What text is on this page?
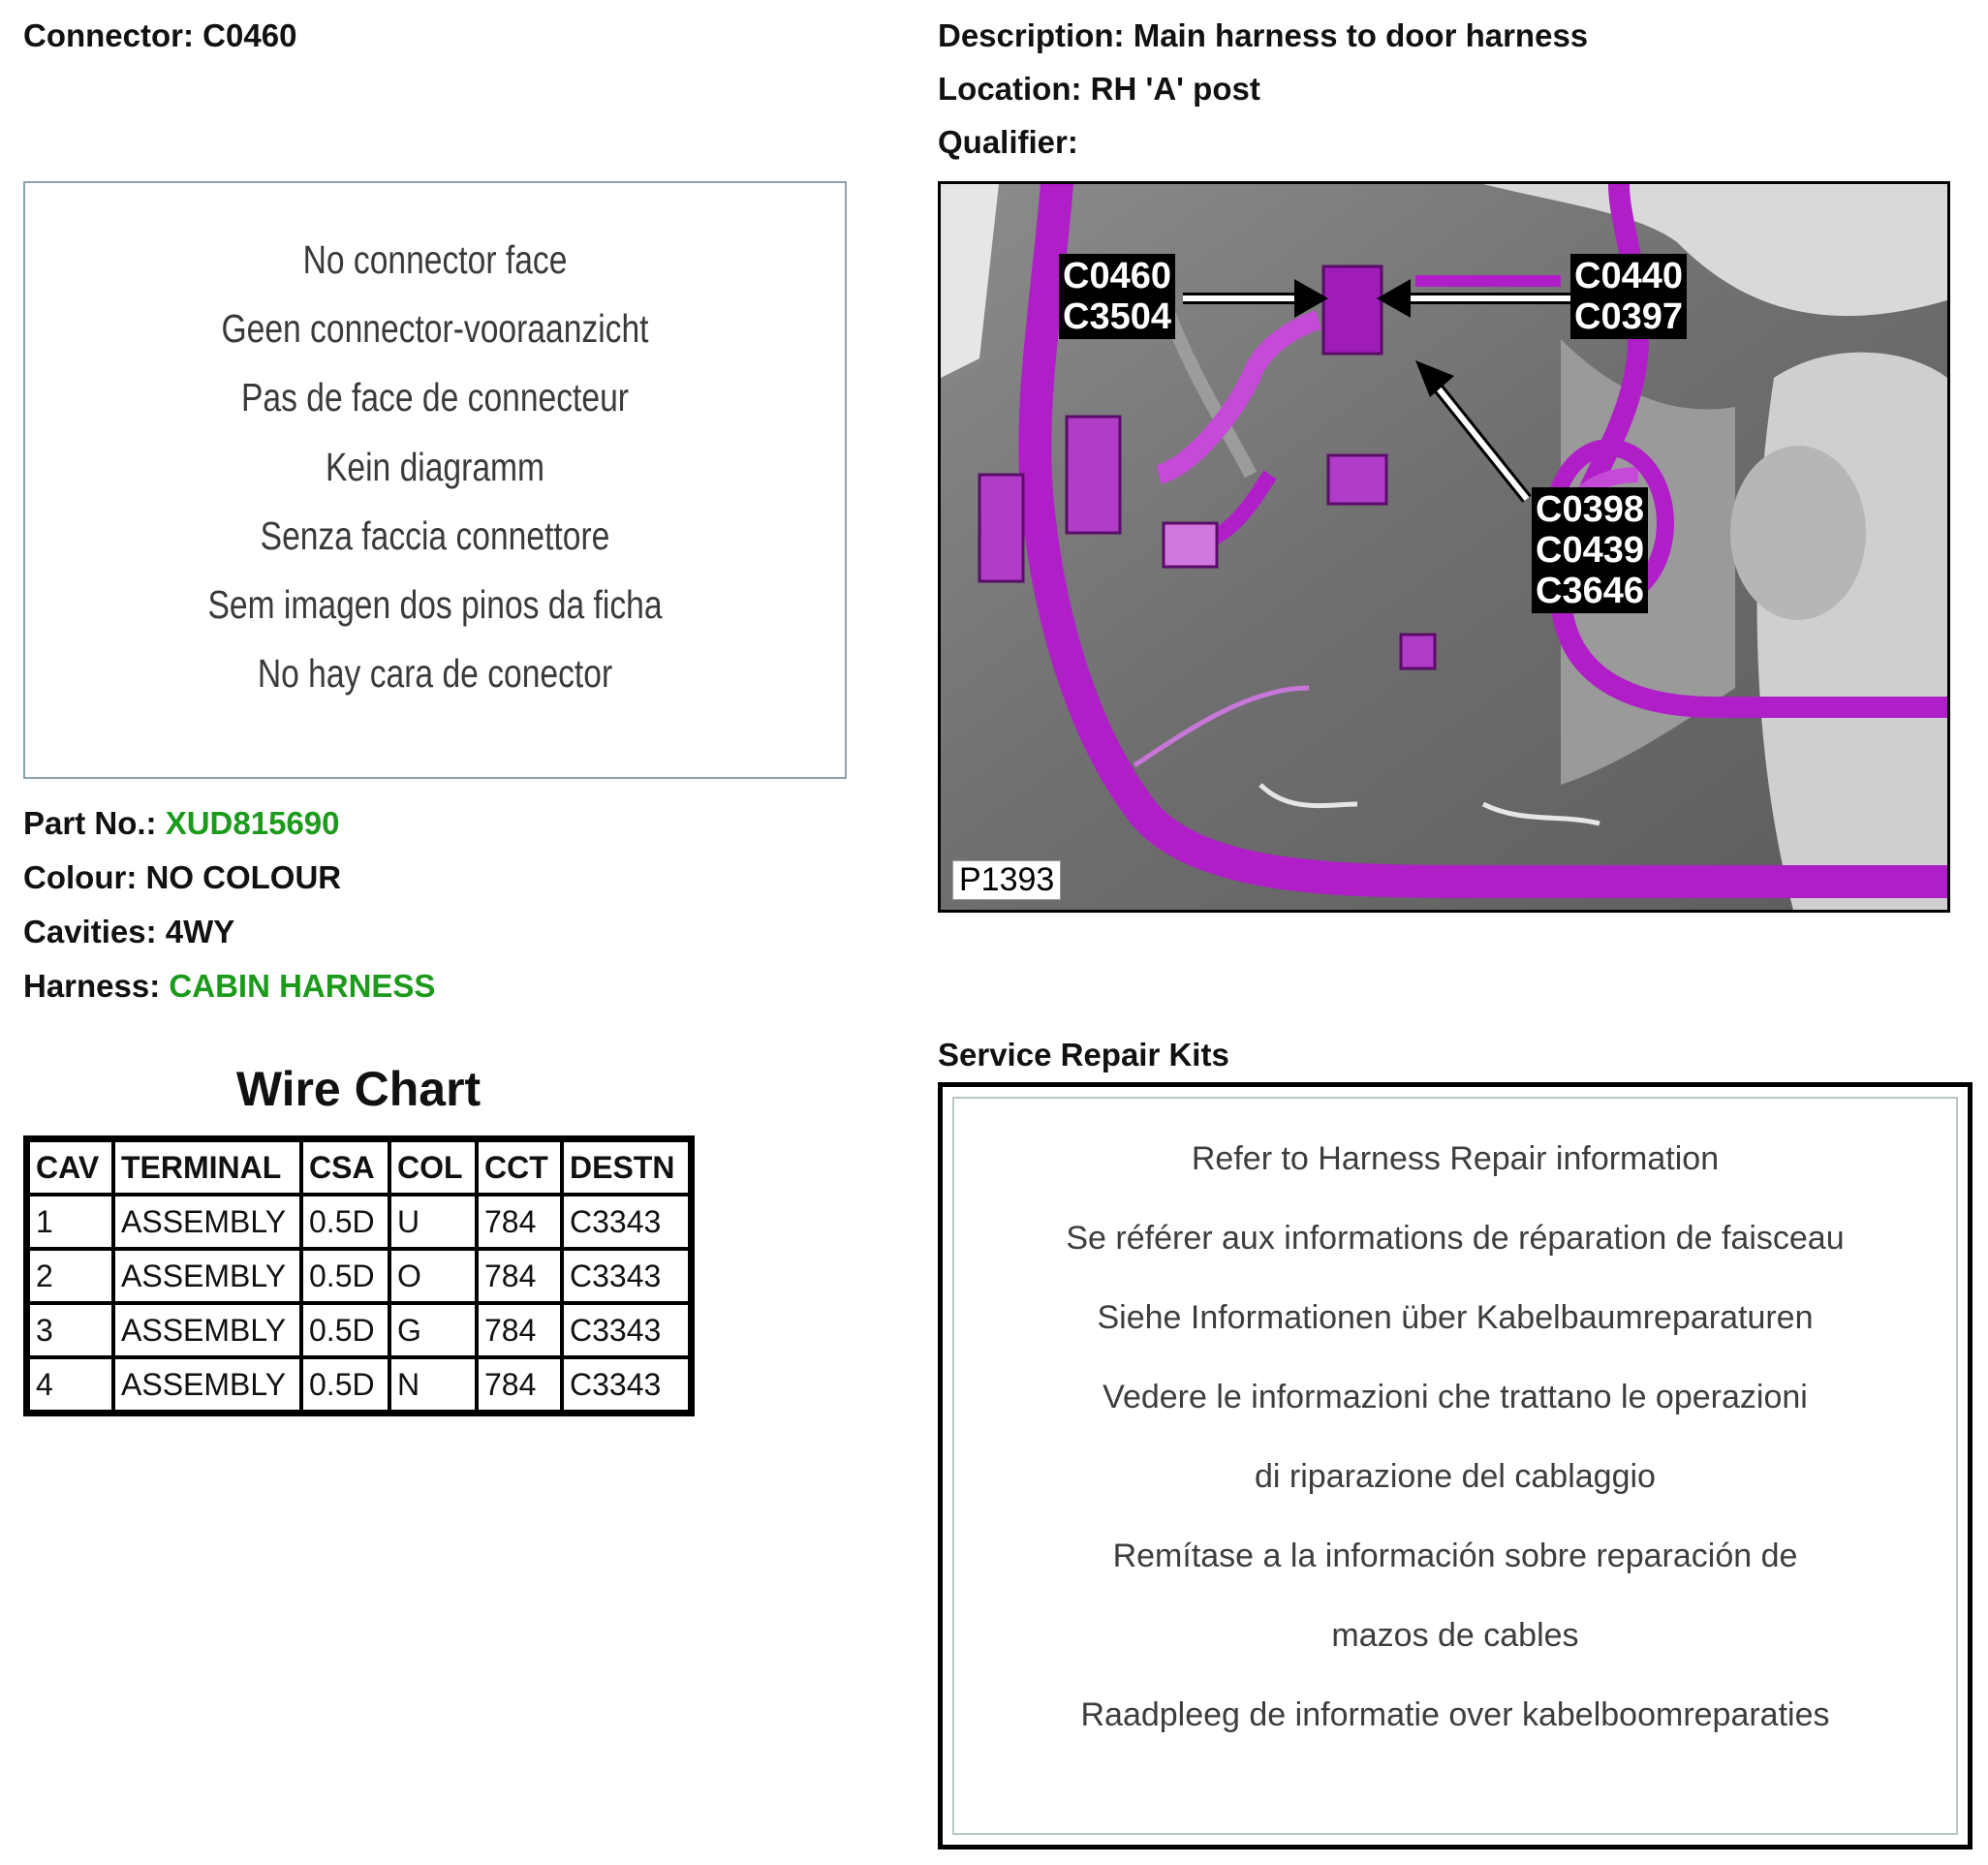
Connector: C0460	Description: Main harness to door harness
Location: RH 'A' post
Qualifier:
No connector face
Geen connector-vooraanzicht
Pas de face de connecteur
Kein diagramm
Senza faccia connettore
Sem imagen dos pinos da ficha
No hay cara de conector
Part No.: XUD815690
Colour: NO COLOUR
Cavities: 4WY
Harness: CABIN HARNESS
Wire Chart
CAV	TERMINAL	CSA	COL	CCT	DESTN
1	ASSEMBLY	0.5D	U	784	C3343
2	ASSEMBLY	0.5D	O	784	C3343
3	ASSEMBLY	0.5D	G	784	C3343
4	ASSEMBLY	0.5D	N	784	C3343
C0460
C3504
C0440
C0397
C0398
C0439
C3646
P1393
Service Repair Kits
Refer to Harness Repair information
Se référer aux informations de réparation de faisceau
Siehe Informationen über Kabelbaumreparaturen
Vedere le informazioni che trattano le operazioni
di riparazione del cablaggio
Remítase a la información sobre reparación de
mazos de cables
Raadpleeg de informatie over kabelboomreparaties
